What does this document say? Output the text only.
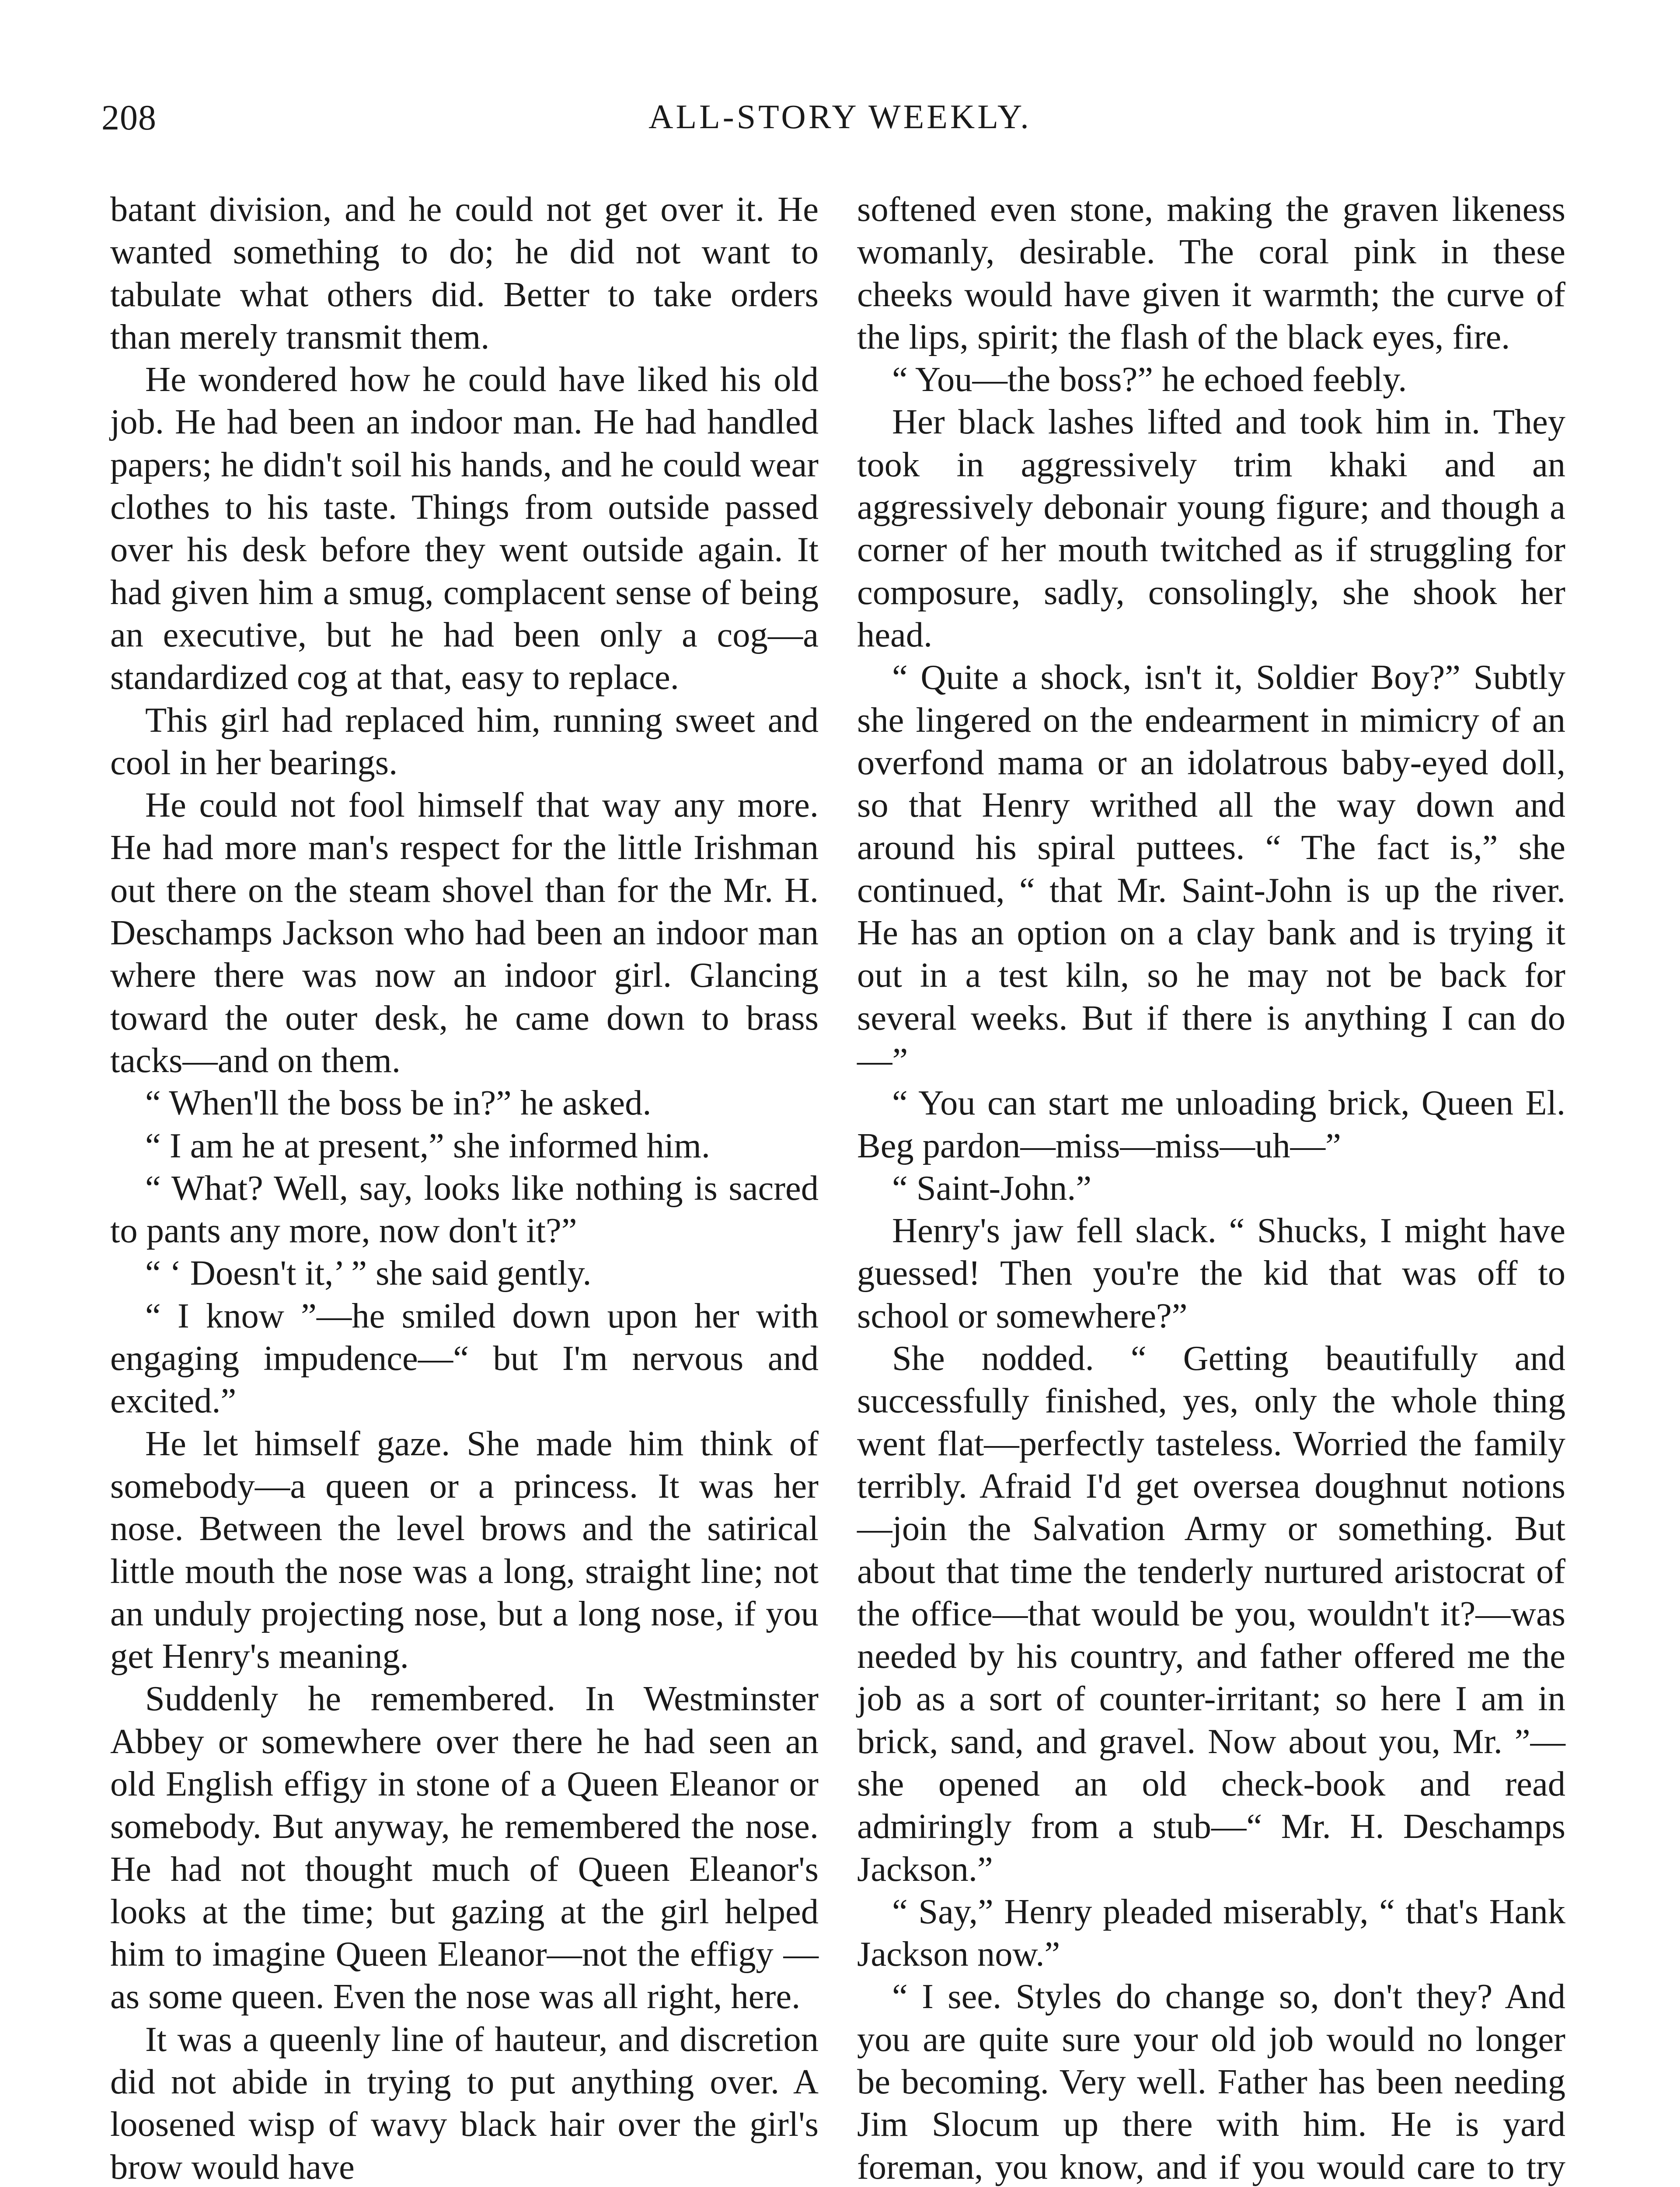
208	ALL-STORY WEEKLY.

batant division, and he could not get over it. He wanted something to do; he did not want to tabulate what others did. Better to take orders than merely transmit them.

He wondered how he could have liked his old job. He had been an indoor man. He had handled papers; he didn't soil his hands, and he could wear clothes to his taste. Things from outside passed over his desk before they went outside again. It had given him a smug, complacent sense of being an executive, but he had been only a cog—a standardized cog at that, easy to replace.

This girl had replaced him, running sweet and cool in her bearings.

He could not fool himself that way any more. He had more man's respect for the little Irishman out there on the steam shovel than for the Mr. H. Deschamps Jackson who had been an indoor man where there was now an indoor girl. Glancing toward the outer desk, he came down to brass tacks—and on them.

“ When'll the boss be in?” he asked.

“ I am he at present,” she informed him.

“ What? Well, say, looks like nothing is sacred to pants any more, now don't it?”

“ ‘ Doesn't it,’ ” she said gently.

“ I know ”—he smiled down upon her with engaging impudence—“ but I'm nervous and excited.”

He let himself gaze. She made him think of somebody—a queen or a princess. It was her nose. Between the level brows and the satirical little mouth the nose was a long, straight line; not an unduly projecting nose, but a long nose, if you get Henry's meaning.

Suddenly he remembered. In Westminster Abbey or somewhere over there he had seen an old English effigy in stone of a Queen Eleanor or somebody. But anyway, he remembered the nose. He had not thought much of Queen Eleanor's looks at the time; but gazing at the girl helped him to imagine Queen Eleanor—not the effigy —as some queen. Even the nose was all right, here.

It was a queenly line of hauteur, and discretion did not abide in trying to put anything over. A loosened wisp of wavy black hair over the girl's brow would have

softened even stone, making the graven likeness womanly, desirable. The coral pink in these cheeks would have given it warmth; the curve of the lips, spirit; the flash of the black eyes, fire.

“ You—the boss?” he echoed feebly.

Her black lashes lifted and took him in. They took in aggressively trim khaki and an aggressively debonair young figure; and though a corner of her mouth twitched as if struggling for composure, sadly, consolingly, she shook her head.

“ Quite a shock, isn't it, Soldier Boy?” Subtly she lingered on the endearment in mimicry of an overfond mama or an idolatrous baby-eyed doll, so that Henry writhed all the way down and around his spiral puttees. “ The fact is,” she continued, “ that Mr. Saint-John is up the river. He has an option on a clay bank and is trying it out in a test kiln, so he may not be back for several weeks. But if there is anything I can do—”

“ You can start me unloading brick, Queen El. Beg pardon—miss—miss—uh—”

“ Saint-John.”

Henry's jaw fell slack. “ Shucks, I might have guessed! Then you're the kid that was off to school or somewhere?”

She nodded. “ Getting beautifully and successfully finished, yes, only the whole thing went flat—perfectly tasteless. Worried the family terribly. Afraid I'd get oversea doughnut notions—join the Salvation Army or something. But about that time the tenderly nurtured aristocrat of the office—that would be you, wouldn't it?—was needed by his country, and father offered me the job as a sort of counter-irritant; so here I am in brick, sand, and gravel. Now about you, Mr. ”—she opened an old check-book and read admiringly from a stub—“ Mr. H. Deschamps Jackson.”

“ Say,” Henry pleaded miserably, “ that's Hank Jackson now.”

“ I see. Styles do change so, don't they? And you are quite sure your old job would no longer be becoming. Very well. Father has been needing Jim Slocum up there with him. He is yard foreman, you know, and if you would care to try
